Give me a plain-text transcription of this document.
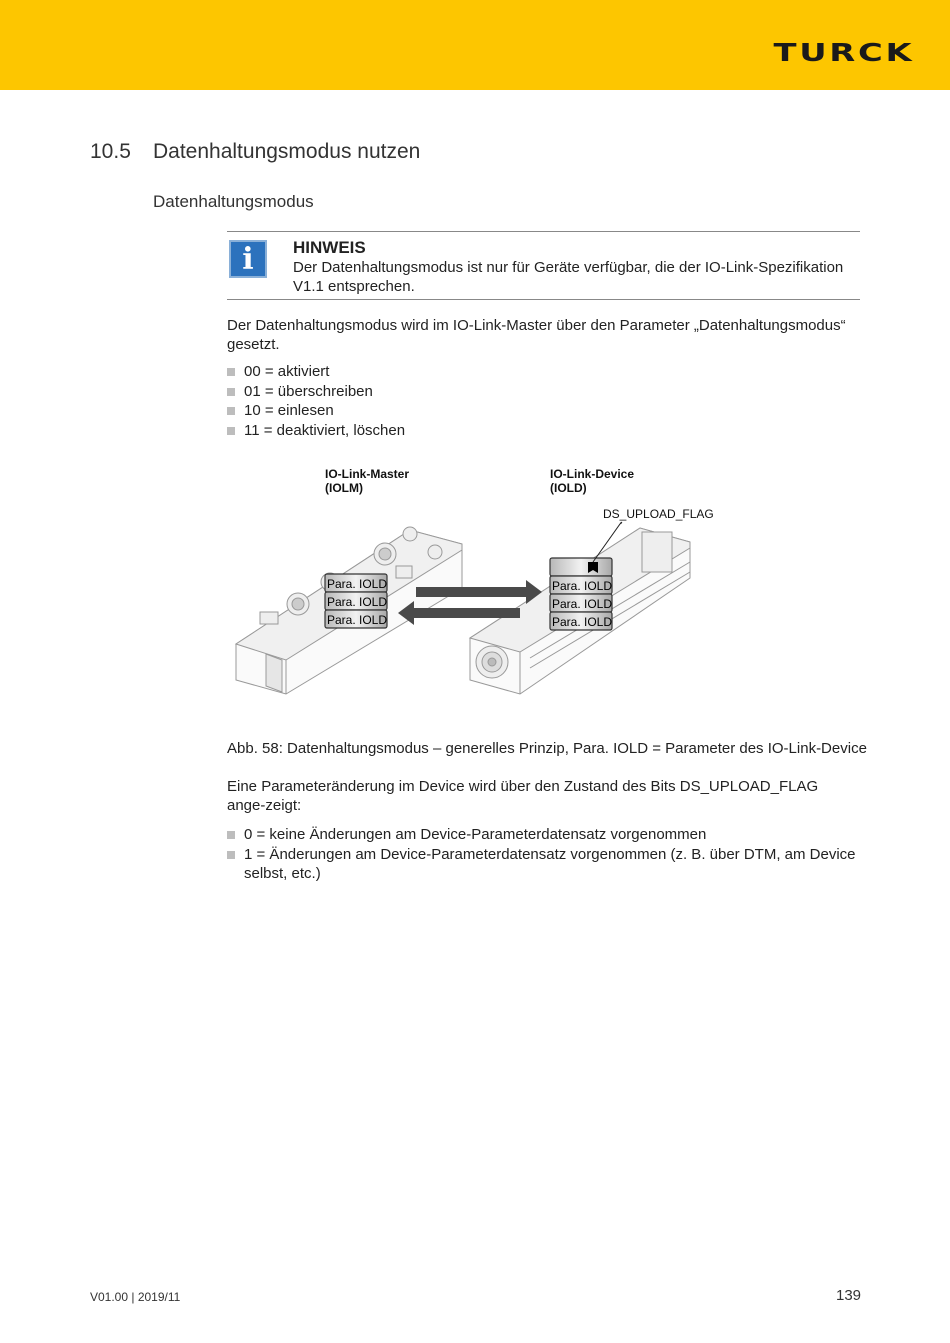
TURCK
10.5 Datenhaltungsmodus nutzen
Datenhaltungsmodus
i	HINWEIS
Der Datenhaltungsmodus ist nur für Geräte verfügbar, die der IO-Link-Spezifikation V1.1 entsprechen.
Der Datenhaltungsmodus wird im IO-Link-Master über den Parameter „Datenhaltungsmodus“ gesetzt.
00 = aktiviert
01 = überschreiben
10 = einlesen
11 = deaktiviert, löschen
IO-Link-Master
(IOLM)
IO-Link-Device
(IOLD)
DS_UPLOAD_FLAG
Para. IOLD
Para. IOLD
Para. IOLD
Para. IOLD
Para. IOLD
Para. IOLD
Abb. 58: Datenhaltungsmodus – generelles Prinzip, Para. IOLD = Parameter des IO-Link-Device
Eine Parameteränderung im Device wird über den Zustand des Bits DS_UPLOAD_FLAG ange-zeigt:
0 = keine Änderungen am Device-Parameterdatensatz vorgenommen
1 = Änderungen am Device-Parameterdatensatz vorgenommen (z. B. über DTM, am Device selbst, etc.)
V01.00 | 2019/11	139
